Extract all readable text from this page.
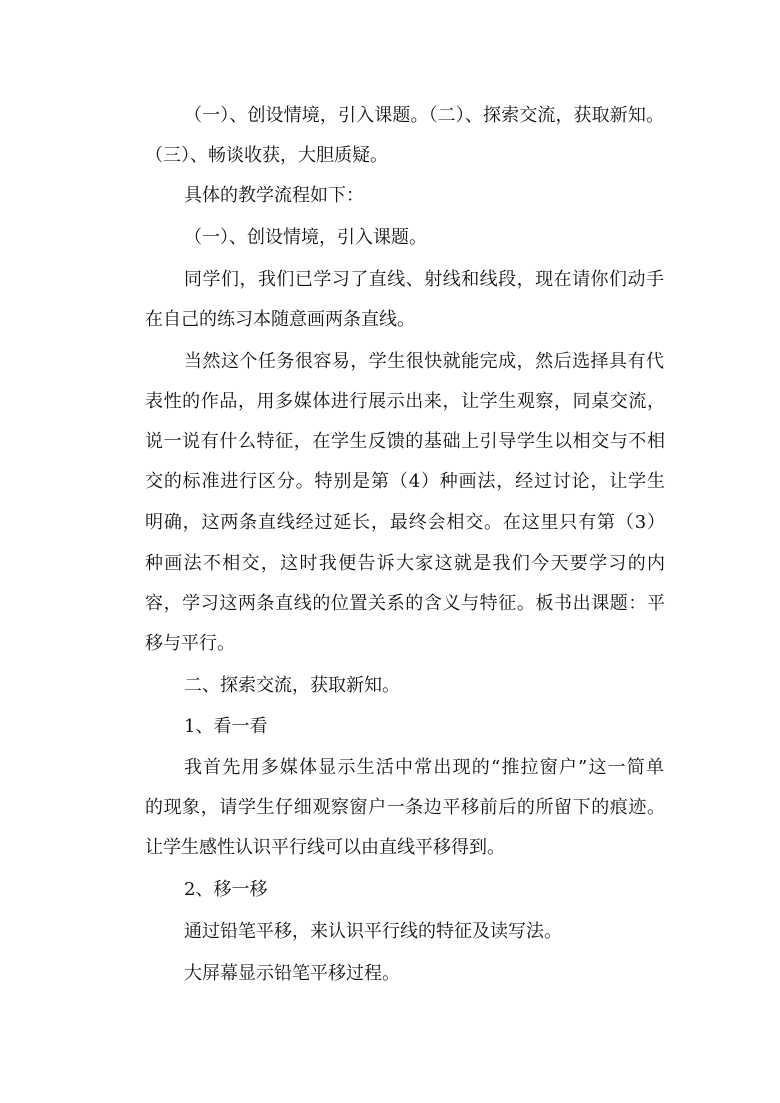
（一）、创设情境，引入课题。（二）、探索交流，获取新知。
（三）、畅谈收获，大胆质疑。
具体的教学流程如下：
（一）、创设情境，引入课题。
同学们，我们已学习了直线、射线和线段，现在请你们动手
在自己的练习本随意画两条直线。
当然这个任务很容易，学生很快就能完成，然后选择具有代
表性的作品，用多媒体进行展示出来，让学生观察，同桌交流，
说一说有什么特征，在学生反馈的基础上引导学生以相交与不相
交的标准进行区分。特别是第（4）种画法，经过讨论，让学生
明确，这两条直线经过延长，最终会相交。在这里只有第（3）
种画法不相交，这时我便告诉大家这就是我们今天要学习的内
容，学习这两条直线的位置关系的含义与特征。板书出课题：平
移与平行。
二、探索交流，获取新知。
1、看一看
我首先用多媒体显示生活中常出现的“推拉窗户”这一简单
的现象，请学生仔细观察窗户一条边平移前后的所留下的痕迹。
让学生感性认识平行线可以由直线平移得到。
2、移一移
通过铅笔平移，来认识平行线的特征及读写法。
大屏幕显示铅笔平移过程。
